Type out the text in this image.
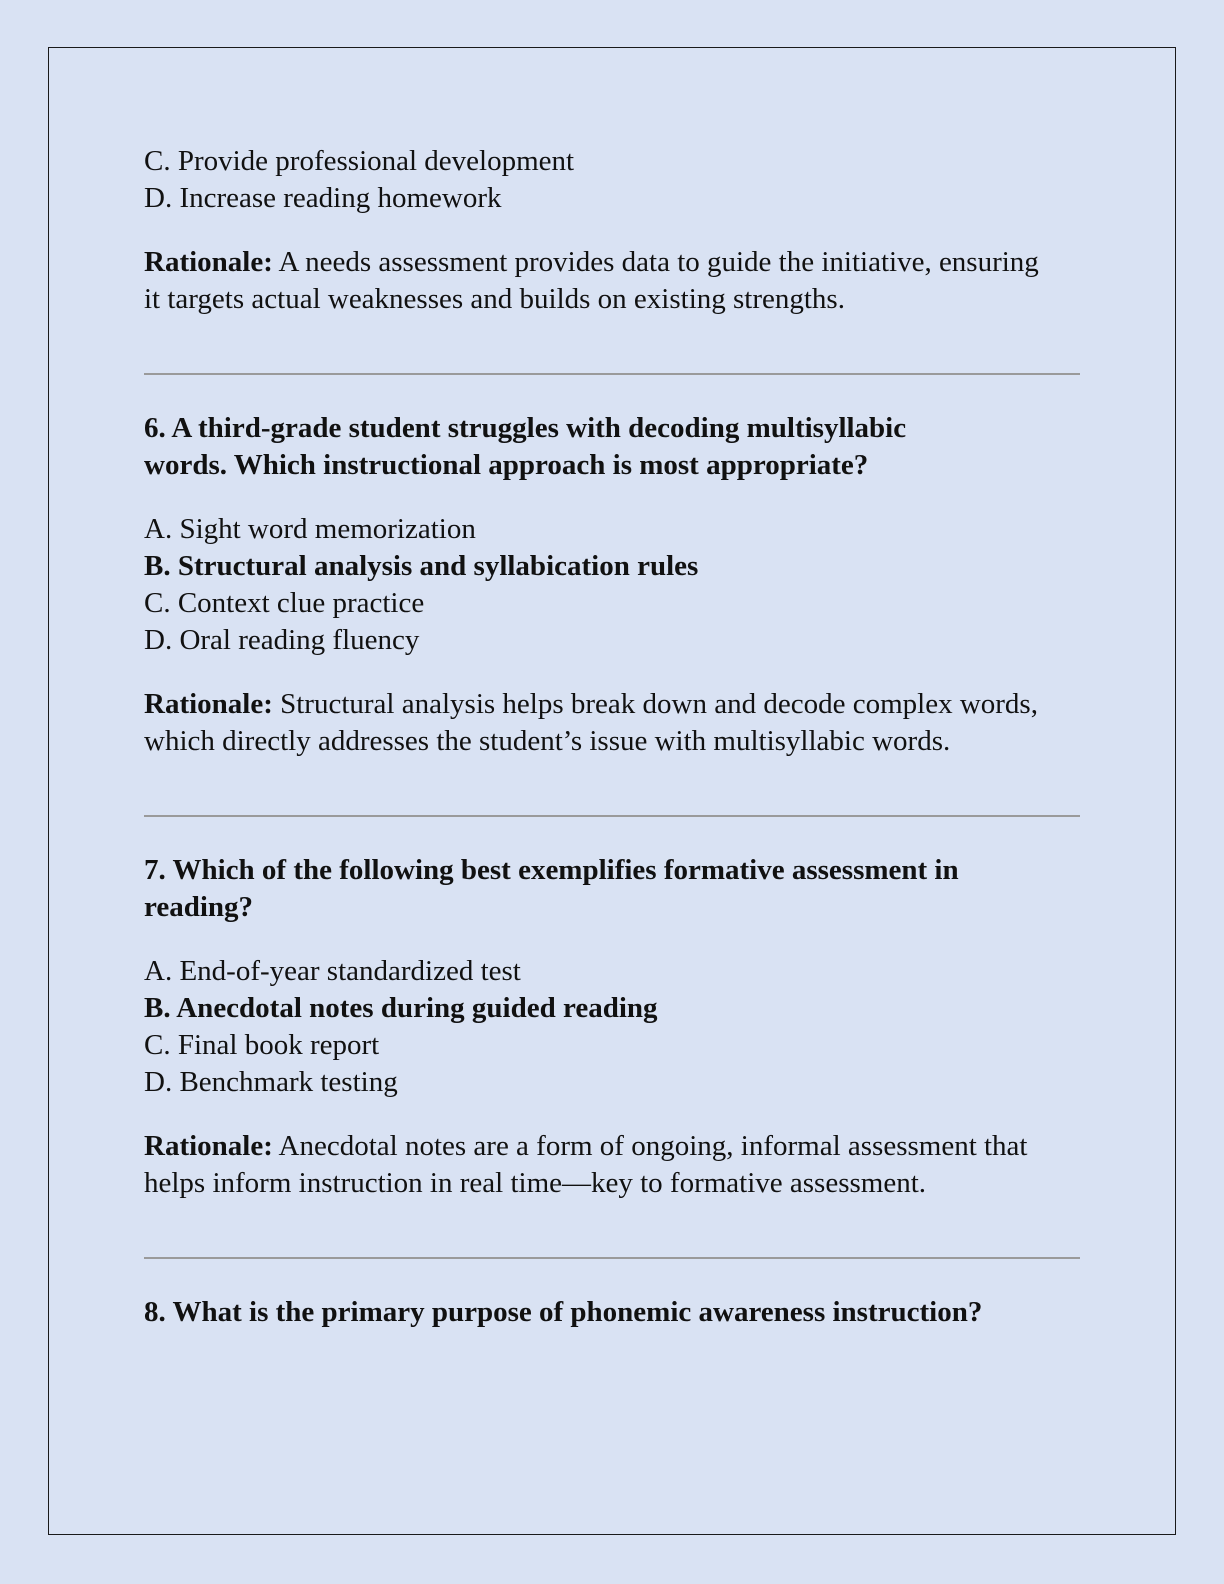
C. Provide professional development
D. Increase reading homework

Rationale: A needs assessment provides data to guide the initiative, ensuring it targets actual weaknesses and builds on existing strengths.

6. A third-grade student struggles with decoding multisyllabic words. Which instructional approach is most appropriate?

A. Sight word memorization
B. Structural analysis and syllabication rules
C. Context clue practice
D. Oral reading fluency

Rationale: Structural analysis helps break down and decode complex words, which directly addresses the student’s issue with multisyllabic words.

7. Which of the following best exemplifies formative assessment in reading?

A. End-of-year standardized test
B. Anecdotal notes during guided reading
C. Final book report
D. Benchmark testing

Rationale: Anecdotal notes are a form of ongoing, informal assessment that helps inform instruction in real time—key to formative assessment.

8. What is the primary purpose of phonemic awareness instruction?
